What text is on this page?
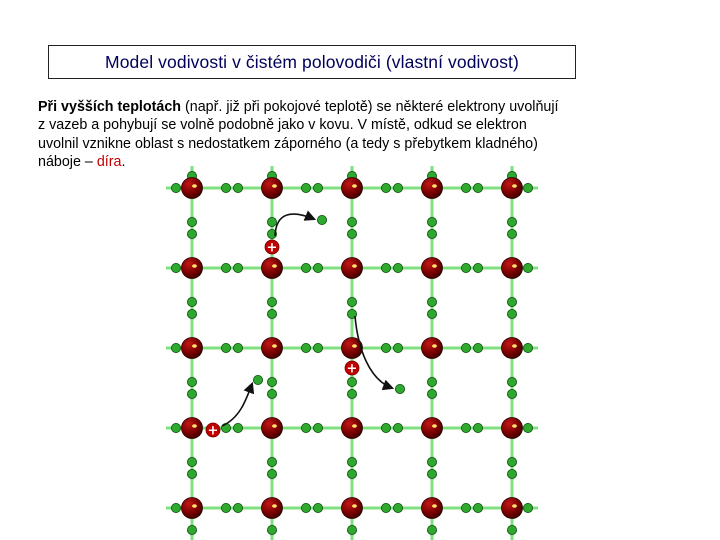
Model vodivosti v čistém polovodiči (vlastní vodivost)
Při vyšších teplotách (např. již při pokojové teplotě) se některé elektrony uvolňují
z vazeb a pohybují se volně podobně jako v kovu. V místě, odkud se elektron
uvolnil vznikne oblast s nedostatkem záporného (a tedy s přebytkem kladného)
náboje – díra.
+
+
+
